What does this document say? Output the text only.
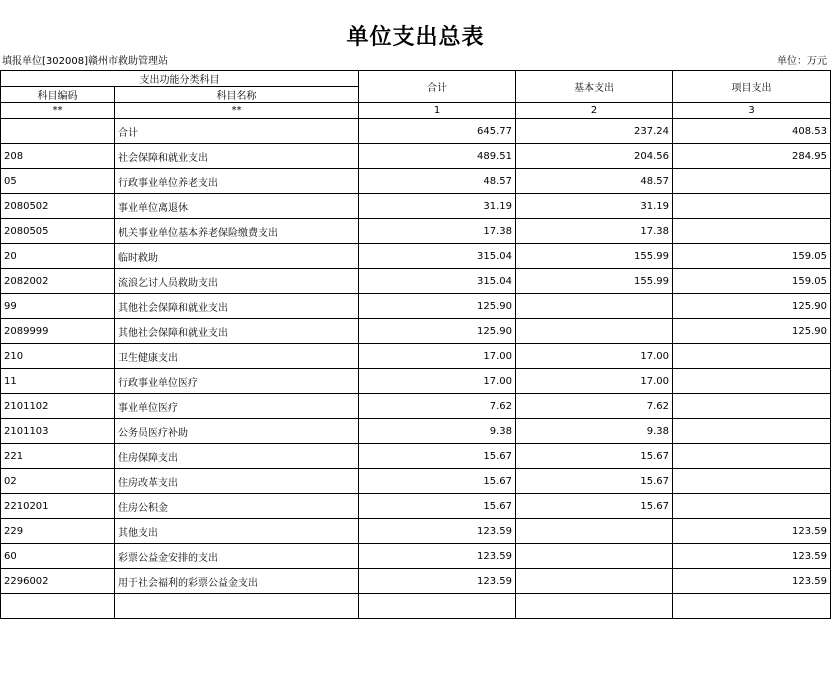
单位支出总表
填报单位[302008]赣州市救助管理站	单位：万元
支出功能分类科目		合计	基本支出	项目支出
科目编码	科目名称			
**	**	1	2	3
	合计	645.77	237.24	408.53
208	社会保障和就业支出	489.51	204.56	284.95
05	行政事业单位养老支出	48.57	48.57	
2080502	事业单位离退休	31.19	31.19	
2080505	机关事业单位基本养老保险缴费支出	17.38	17.38	
20	临时救助	315.04	155.99	159.05
2082002	流浪乞讨人员救助支出	315.04	155.99	159.05
99	其他社会保障和就业支出	125.90		125.90
2089999	其他社会保障和就业支出	125.90		125.90
210	卫生健康支出	17.00	17.00	
11	行政事业单位医疗	17.00	17.00	
2101102	事业单位医疗	7.62	7.62	
2101103	公务员医疗补助	9.38	9.38	
221	住房保障支出	15.67	15.67	
02	住房改革支出	15.67	15.67	
2210201	住房公积金	15.67	15.67	
229	其他支出	123.59		123.59
60	彩票公益金安排的支出	123.59		123.59
2296002	用于社会福利的彩票公益金支出	123.59		123.59
